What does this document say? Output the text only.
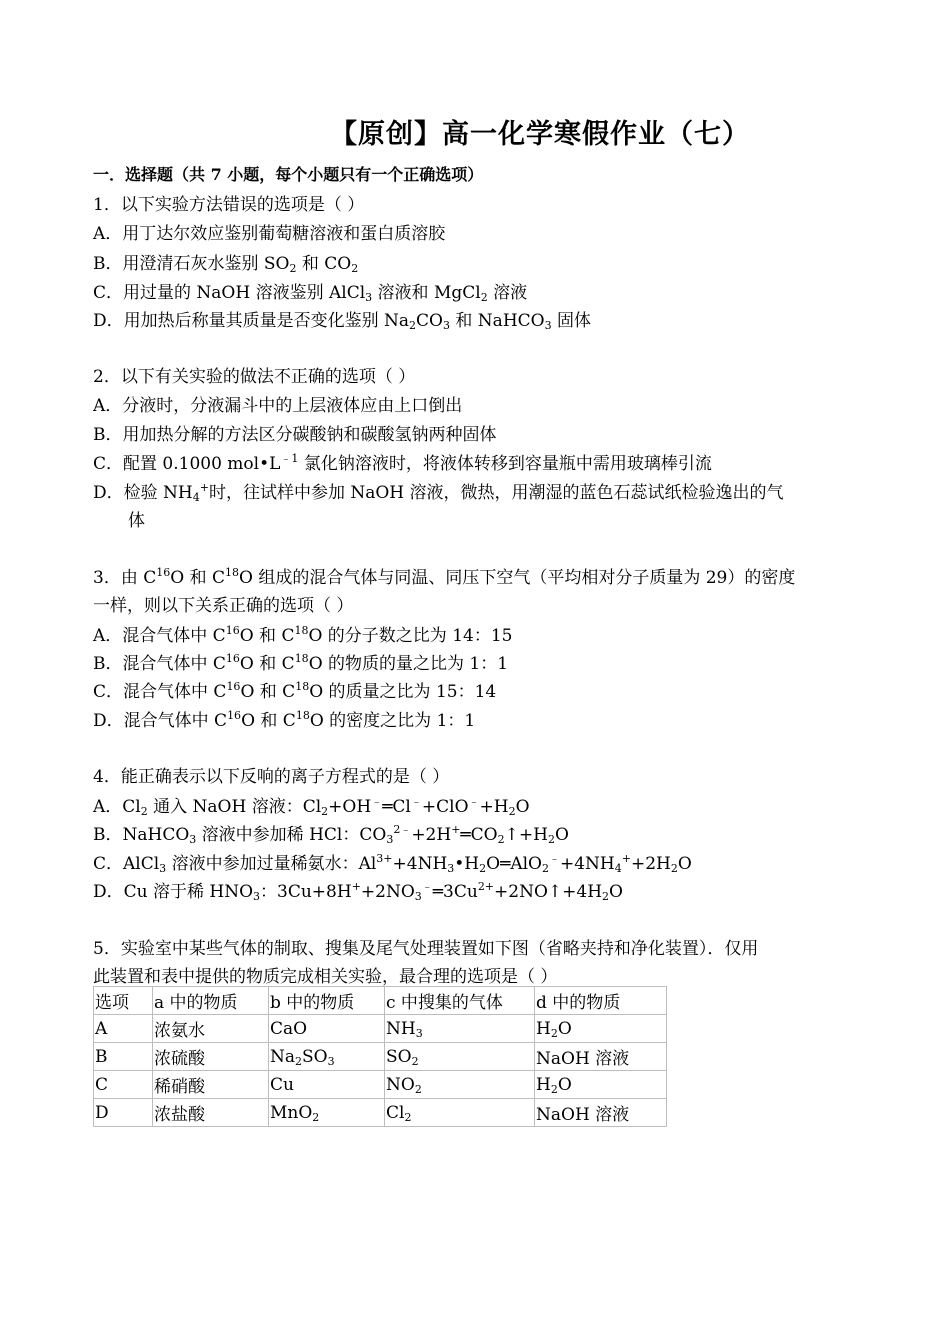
【原创】高一化学寒假作业（七）
一．选择题（共 7 小题，每个小题只有一个正确选项）
1．以下实验方法错误的选项是（ ）
A．用丁达尔效应鉴别葡萄糖溶液和蛋白质溶胶
B．用澄清石灰水鉴别 $SO_2$ 和 $CO_2$
C．用过量的 NaOH 溶液鉴别 AlCl$_3$ 溶液和 MgCl$_2$ 溶液
D．用加热后称量其质量是否变化鉴别 $Na_2CO_3$ 和 NaHCO$_3$ 固体
2．以下有关实验的做法不正确的选项（ ）
A．分液时，分液漏斗中的上层液体应由上口倒出
B．用加热分解的方法区分碳酸钠和碳酸氢钠两种固体
C．配置 0.1000 $mol•L^{﹣1}$ 氯化钠溶液时，将液体转移到容量瓶中需用玻璃棒引流
D．检验 $NH_4^+$时，往试样中参加 NaOH 溶液，微热，用潮湿的蓝色石蕊试纸检验逸出的气
体
3．由 $C^{16}O$ 和 $C^{18}O$ 组成的混合气体与同温、同压下空气（平均相对分子质量为 29）的密度
一样，则以下关系正确的选项（ ）
A．混合气体中 $C^{16}O$ 和 $C^{18}O$ 的分子数之比为 14：15
B．混合气体中 $C^{16}O$ 和 $C^{18}O$ 的物质的量之比为 1：1
C．混合气体中 $C^{16}O$ 和 $C^{18}O$ 的质量之比为 15：14
D．混合气体中 $C^{16}O$ 和 $C^{18}O$ 的密度之比为 1：1
4．能正确表示以下反响的离子方程式的是（ ）
A．$Cl_2$ 通入 NaOH 溶液：$Cl_2+OH^﹣═Cl^﹣+ClO^﹣+H_2O$
B．NaHCO$_3$ 溶液中参加稀 HCl：$CO_3^{2﹣}+2H^+═CO_2↑+H_2O$
C．AlCl$_3$ 溶液中参加过量稀氨水：$Al^{3+}+4NH_3•H_2O═AlO_2^﹣+4NH_4^++2H_2O$
D．Cu 溶于稀 $HNO_3$：$3Cu+8H^++2NO_3^﹣═3Cu^{2+}+2NO↑+4H_2O$
5．实验室中某些气体的制取、搜集及尾气处理装置如下图（省略夹持和净化装置）．仅用
此装置和表中提供的物质完成相关实验，最合理的选项是（ ）
选项	a 中的物质	b 中的物质	c 中搜集的气体	d 中的物质
A	浓氨水	CaO	$NH_3$	$H_2O$
B	浓硫酸	$Na_2SO_3$	$SO_2$	NaOH 溶液
C	稀硝酸	Cu	$NO_2$	$H_2O$
D	浓盐酸	MnO$_2$	$Cl_2$	NaOH 溶液
